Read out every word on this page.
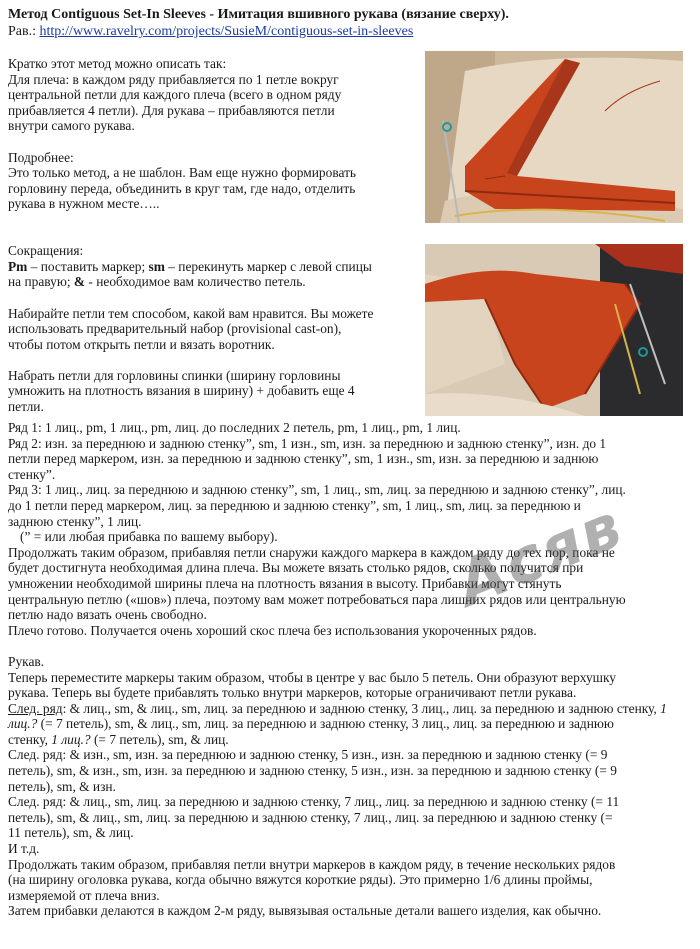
Метод Contiguous Set-In Sleeves - Имитация вшивного рукава (вязание сверху).
Рав.: http://www.ravelry.com/projects/SusieM/contiguous-set-in-sleeves

Кратко этот метод можно описать так:

Для плеча: в каждом ряду прибавляется по 1 петле вокруг

центральной петли для каждого плеча (всего в одном ряду

прибавляется 4 петли). Для рукава – прибавляются петли

внутри самого рукава.

Подробнее:

Это только метод, а не шаблон. Вам еще нужно формировать

горловину переда, объединить в круг там, где надо, отделить

рукава в нужном месте…..

Сокращения:

Pm – поставить маркер; sm – перекинуть маркер с левой спицы

на правую; & - необходимое вам количество петель.

Набирайте петли тем способом, какой вам нравится. Вы можете

использовать предварительный набор (provisional cast-on),

чтобы потом открыть петли и вязать воротник.

Набрать петли для горловины спинки (ширину горловины

умножить на плотность вязания в ширину) + добавить еще 4

петли.

Ряд 1: 1 лиц., pm, 1 лиц., pm, лиц. до последних 2 петель, pm, 1 лиц., pm, 1 лиц.

Ряд 2: изн. за переднюю и заднюю стенку”, sm, 1 изн., sm, изн. за переднюю и заднюю стенку”, изн. до 1

петли перед маркером, изн. за переднюю и заднюю стенку”, sm, 1 изн., sm, изн. за переднюю и заднюю

стенку”.

Ряд 3: 1 лиц., лиц. за переднюю и заднюю стенку”, sm, 1 лиц., sm, лиц. за переднюю и заднюю стенку”, лиц.

до 1 петли перед маркером, лиц. за переднюю и заднюю стенку”, sm, 1 лиц., sm, лиц. за переднюю и

заднюю стенку”, 1 лиц.

(” = или любая прибавка по вашему выбору).

Продолжать таким образом, прибавляя петли снаружи каждого маркера в каждом ряду до тех пор, пока не

будет достигнута необходимая длина плеча. Вы можете вязать столько рядов, сколько получится при

умножении необходимой ширины плеча на плотность вязания в высоту. Прибавки могут стянуть

центральную петлю («шов») плеча, поэтому вам может потребоваться пара лишних рядов или центральную

петлю надо вязать очень свободно.

Плечо готово. Получается очень хороший скос плеча без использования укороченных рядов.

Рукав.

Теперь переместите маркеры таким образом, чтобы в центре у вас было 5 петель. Они образуют верхушку

рукава. Теперь вы будете прибавлять только внутри маркеров, которые ограничивают петли рукава.

След. ряд: & лиц., sm, & лиц., sm, лиц. за переднюю и заднюю стенку, 3 лиц., лиц. за переднюю и заднюю стенку, 1

лиц.? (= 7 петель), sm, & лиц., sm, лиц. за переднюю и заднюю стенку, 3 лиц., лиц. за переднюю и заднюю

стенку, 1 лиц.? (= 7 петель), sm, & лиц.

След. ряд: & изн., sm, изн. за переднюю и заднюю стенку, 5 изн., изн. за переднюю и заднюю стенку (= 9

петель), sm, & изн., sm, изн. за переднюю и заднюю стенку, 5 изн., изн. за переднюю и заднюю стенку (= 9

петель), sm, & изн.

След. ряд: & лиц., sm, лиц. за переднюю и заднюю стенку, 7 лиц., лиц. за переднюю и заднюю стенку (= 11

петель), sm, & лиц., sm, лиц. за переднюю и заднюю стенку, 7 лиц., лиц. за переднюю и заднюю стенку (=

11 петель), sm, & лиц.

И т.д.

Продолжать таким образом, прибавляя петли внутри маркеров в каждом ряду, в течение нескольких рядов

(на ширину оголовка рукава, когда обычно вяжутся короткие ряды). Это примерно 1/6 длины проймы,

измеряемой от плеча вниз.

Затем прибавки делаются в каждом 2-м ряду, вывязывая остальные детали вашего изделия, как обычно.

Асяв
